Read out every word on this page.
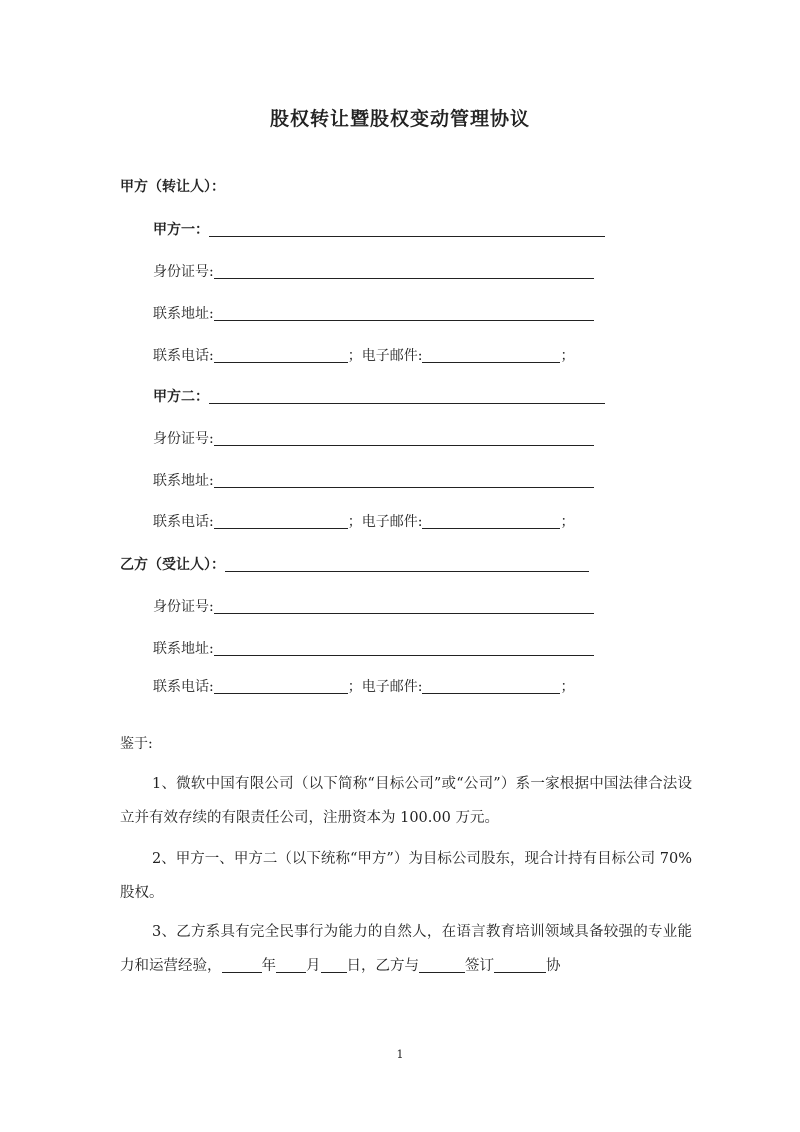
股权转让暨股权变动管理协议
甲方（转让人）：
甲方一：
身份证号:
联系地址:
联系电话:	；电子邮件:	；
甲方二：
身份证号:
联系地址:
联系电话:	；电子邮件:	；
乙方（受让人）：
身份证号:
联系地址:
联系电话:	；电子邮件:	；
鉴于:
1、微软中国有限公司（以下简称“目标公司”或“公司”）系一家根据中国法律合法设立并有效存续的有限责任公司，注册资本为 100.00 万元。
2、甲方一、甲方二（以下统称“甲方”）为目标公司股东，现合计持有目标公司 70%股权。
3、乙方系具有完全民事行为能力的自然人，在语言教育培训领域具备较强的专业能力和运营经验，	年 月 日，乙方与	签订	协
1
